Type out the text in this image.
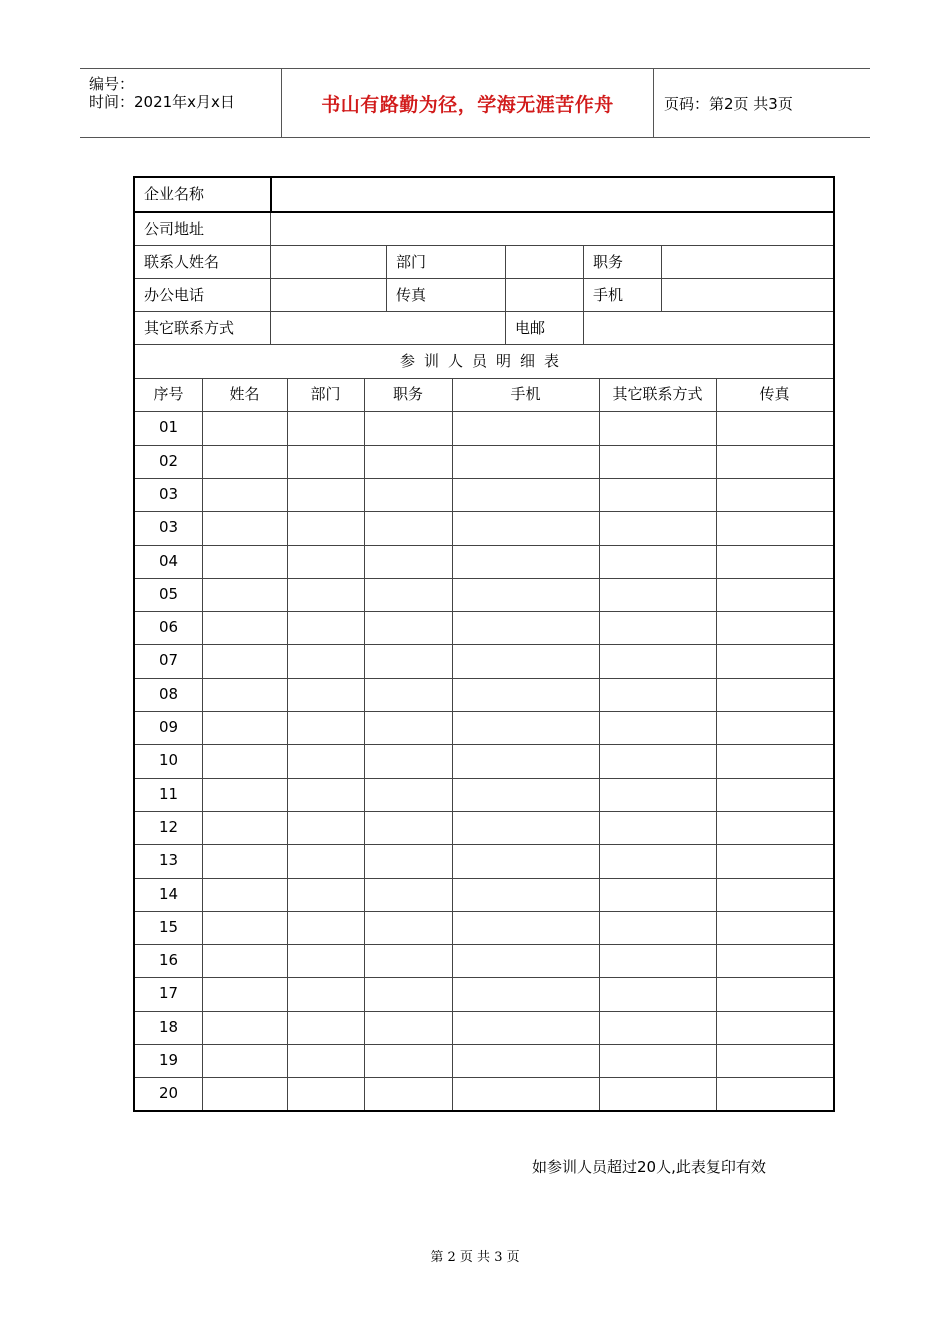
编号：
时间：2021年x月x日	书山有路勤为径，学海无涯苦作舟	页码：第2页 共3页
企业名称
公司地址
联系人姓名	部门	职务
办公电话	传真	手机
其它联系方式	电邮
参训人员明细表
序号	姓名	部门	职务	手机	其它联系方式	传真
01
02
03
03
04
05
06
07
08
09
10
11
12
13
14
15
16
17
18
19
20
如参训人员超过20人,此表复印有效
第 2 页 共 3 页
